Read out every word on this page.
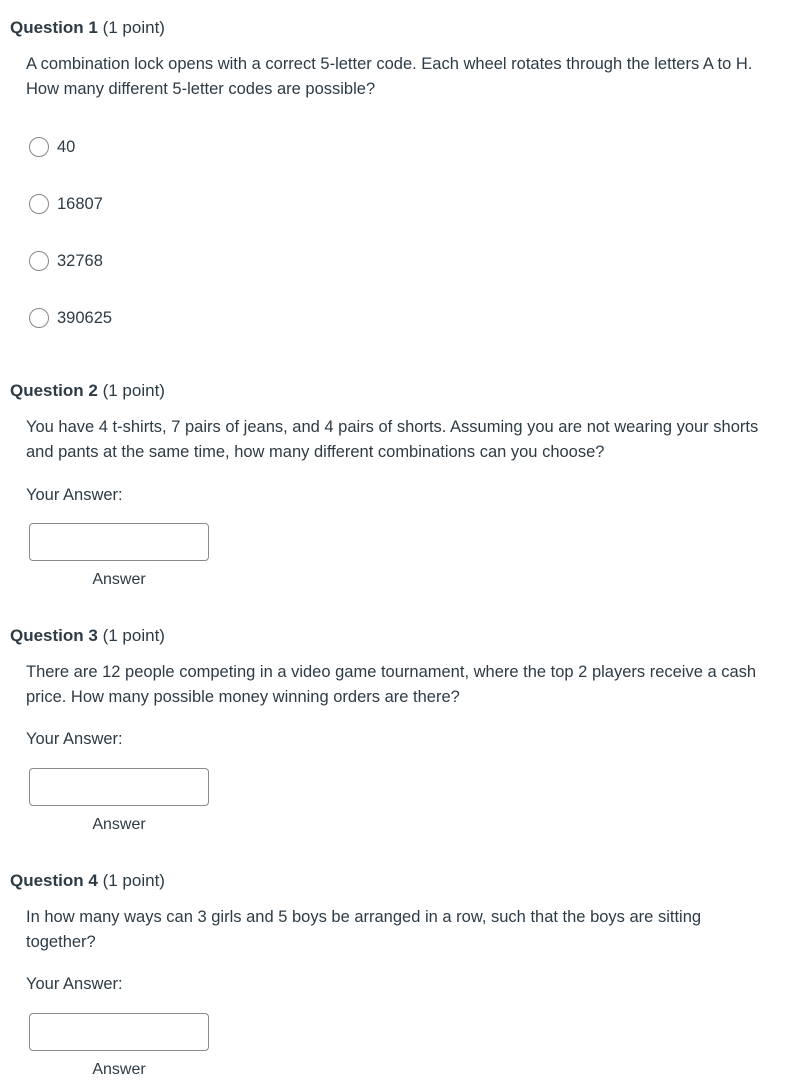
Question 1 (1 point)
A combination lock opens with a correct 5-letter code. Each wheel rotates through the letters A to H. How many different 5-letter codes are possible?
40
16807
32768
390625
Question 2 (1 point)
You have 4 t-shirts, 7 pairs of jeans, and 4 pairs of shorts. Assuming you are not wearing your shorts and pants at the same time, how many different combinations can you choose?
Your Answer:
Answer
Question 3 (1 point)
There are 12 people competing in a video game tournament, where the top 2 players receive a cash price. How many possible money winning orders are there?
Your Answer:
Answer
Question 4 (1 point)
In how many ways can 3 girls and 5 boys be arranged in a row, such that the boys are sitting together?
Your Answer:
Answer
